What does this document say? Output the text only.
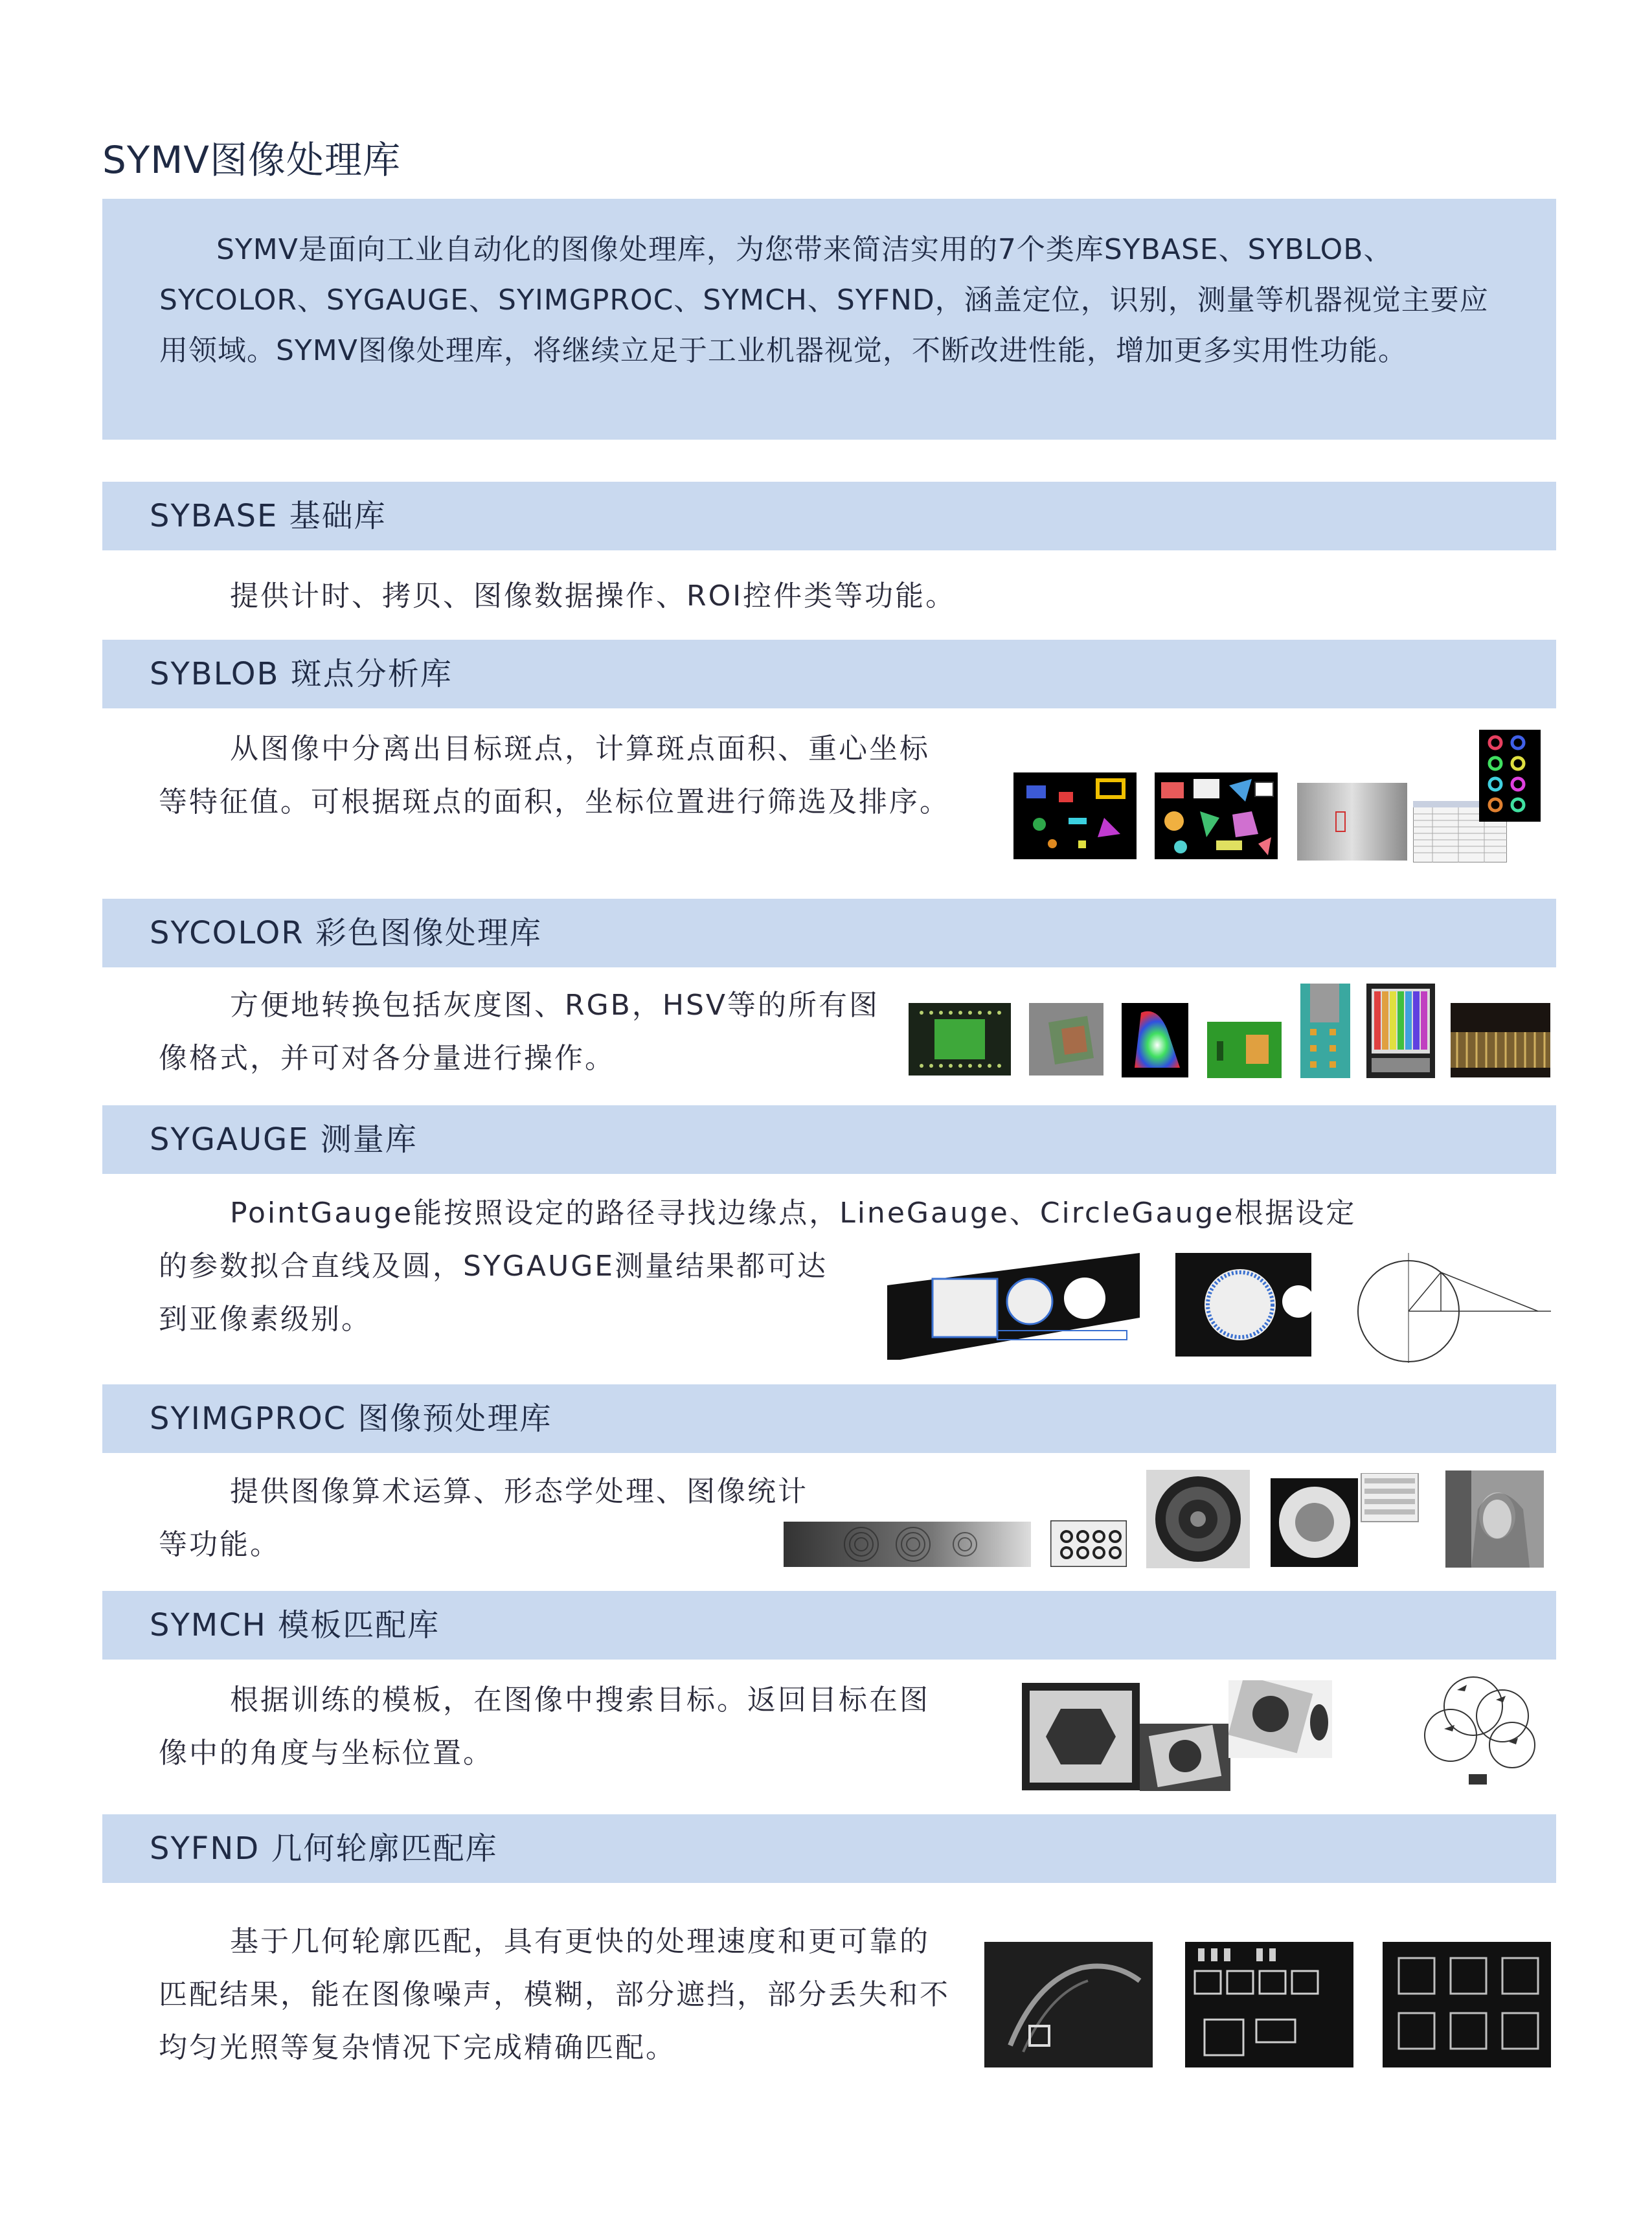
SYMV图像处理库

SYMV是面向工业自动化的图像处理库，为您带来简洁实用的7个类库SYBASE、SYBLOB、SYCOLOR、SYGAUGE、SYIMGPROC、SYMCH、SYFND，涵盖定位，识别，测量等机器视觉主要应用领域。SYMV图像处理库，将继续立足于工业机器视觉，不断改进性能，增加更多实用性功能。

SYBASE 基础库
提供计时、拷贝、图像数据操作、ROI控件类等功能。
SYBLOB 斑点分析库
从图像中分离出目标斑点，计算斑点面积、重心坐标等特征值。可根据斑点的面积，坐标位置进行筛选及排序。
SYCOLOR 彩色图像处理库
方便地转换包括灰度图、RGB，HSV等的所有图像格式，并可对各分量进行操作。
SYGAUGE 测量库
PointGauge能按照设定的路径寻找边缘点，LineGauge、CircleGauge根据设定
的参数拟合直线及圆，SYGAUGE测量结果都可达到亚像素级别。
SYIMGPROC 图像预处理库
提供图像算术运算、形态学处理、图像统计等功能。
SYMCH 模板匹配库
根据训练的模板，在图像中搜索目标。返回目标在图像中的角度与坐标位置。
SYFND 几何轮廓匹配库
基于几何轮廓匹配，具有更快的处理速度和更可靠的匹配结果，能在图像噪声，模糊，部分遮挡，部分丢失和不均匀光照等复杂情况下完成精确匹配。
